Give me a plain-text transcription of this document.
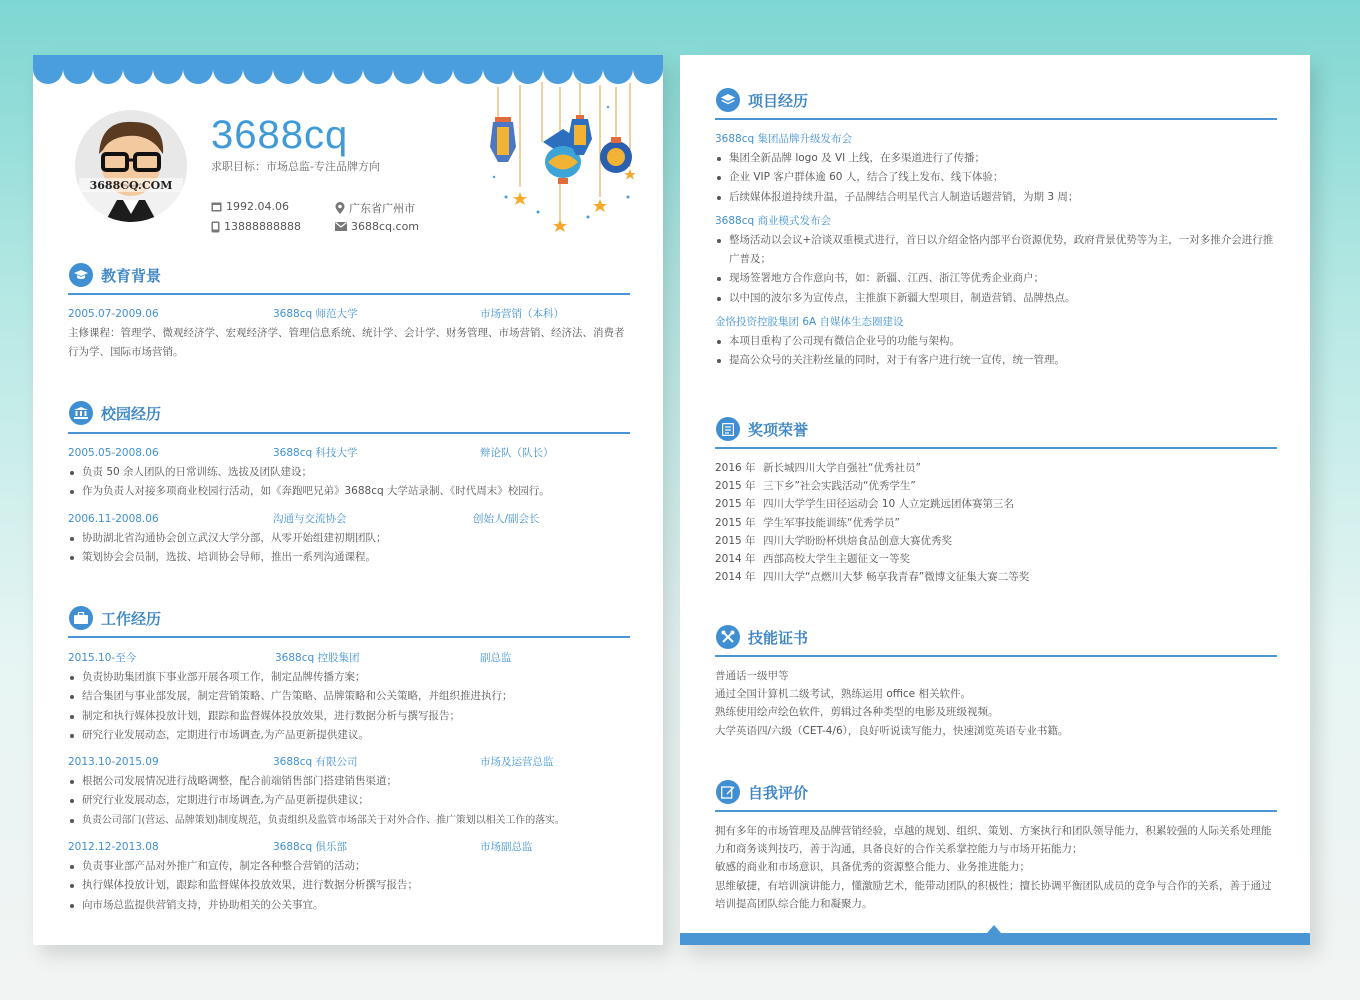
3688CQ.COM
3688cq
求职目标：市场总监-专注品牌方向
1992.04.06	广东省广州市
13888888888	3688cq.com
教育背景
2005.07-2009.06	3688cq 师范大学	市场营销（本科）
主修课程：管理学、微观经济学、宏观经济学、管理信息系统、统计学、会计学、财务管理、市场营销、经济法、消费者行为学、国际市场营销。
校园经历
2005.05-2008.06	3688cq 科技大学	辩论队（队长）
负责 50 余人团队的日常训练、选拔及团队建设；
作为负责人对接多项商业校园行活动，如《奔跑吧兄弟》3688cq 大学站录制、《时代周末》校园行。
2006.11-2008.06	沟通与交流协会	创始人/副会长
协助湖北省沟通协会创立武汉大学分部，从零开始组建初期团队；
策划协会会员制，选拔、培训协会导师，推出一系列沟通课程。
工作经历
2015.10-至今	3688cq 控股集团	副总监
负责协助集团旗下事业部开展各项工作，制定品牌传播方案；
结合集团与事业部发展，制定营销策略、广告策略、品牌策略和公关策略，并组织推进执行；
制定和执行媒体投放计划，跟踪和监督媒体投放效果，进行数据分析与撰写报告；
研究行业发展动态，定期进行市场调查,为产品更新提供建议。
2013.10-2015.09	3688cq 有限公司	市场及运营总监
根据公司发展情况进行战略调整，配合前端销售部门搭建销售渠道；
研究行业发展动态，定期进行市场调查,为产品更新提供建议；
负责公司部门(营运、品牌策划)制度规范，负责组织及监管市场部关于对外合作、推广策划以相关工作的落实。
2012.12-2013.08	3688cq 俱乐部	市场副总监
负责事业部产品对外推广和宣传，制定各种整合营销的活动；
执行媒体投放计划，跟踪和监督媒体投放效果，进行数据分析撰写报告；
向市场总监提供营销支持，并协助相关的公关事宜。
项目经历
3688cq 集团品牌升级发布会
集团全新品牌 logo 及 VI 上线，在多渠道进行了传播；
企业 VIP 客户群体逾 60 人，结合了线上发布、线下体验；
后续媒体报道持续升温，子品牌结合明星代言人制造话题营销，为期 3 周；
3688cq 商业模式发布会
整场活动以会议+洽谈双重模式进行，首日以介绍金恪内部平台资源优势，政府背景优势等为主，一对多推介会进行推广普及；
现场签署地方合作意向书，如：新疆、江西、浙江等优秀企业商户；
以中国的波尔多为宣传点，主推旗下新疆大型项目，制造营销、品牌热点。
金恪投资控股集团 6A 自媒体生态圈建设
本项目重构了公司现有微信企业号的功能与架构。
提高公众号的关注粉丝量的同时，对于有客户进行统一宣传，统一管理。
奖项荣誉
2016 年 新长城四川大学自强社“优秀社员”
2015 年 三下乡”社会实践活动“优秀学生”
2015 年 四川大学学生田径运动会 10 人立定跳远团体赛第三名
2015 年 学生军事技能训练“优秀学员”
2015 年 四川大学盼盼杯烘焙食品创意大赛优秀奖
2014 年 西部高校大学生主题征文一等奖
2014 年 四川大学“点燃川大梦 畅享我青春”微博文征集大赛二等奖
技能证书

普通话一级甲等

通过全国计算机二级考试，熟练运用 office 相关软件。

熟练使用绘声绘色软件，剪辑过各种类型的电影及班级视频。

大学英语四/六级（CET-4/6），良好听说读写能力，快速浏览英语专业书籍。

自我评价

拥有多年的市场管理及品牌营销经验，卓越的规划、组织、策划、方案执行和团队领导能力，积累较强的人际关系处理能力和商务谈判技巧，善于沟通，具备良好的合作关系掌控能力与市场开拓能力；

敏感的商业和市场意识，具备优秀的资源整合能力、业务推进能力；

思维敏捷，有培训演讲能力，懂激励艺术，能带动团队的积极性；擅长协调平衡团队成员的竞争与合作的关系，善于通过培训提高团队综合能力和凝聚力。
